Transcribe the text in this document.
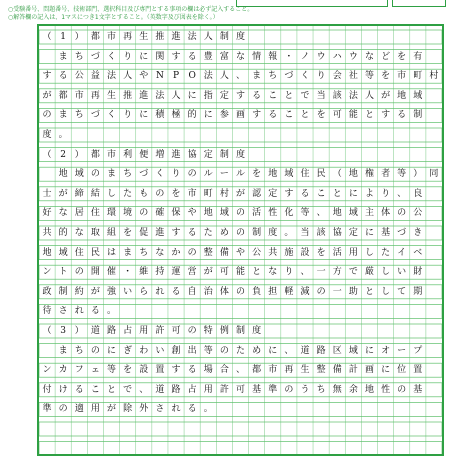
○受験番号、問題番号、技術部門、選択科目及び専門とする事項の欄は必ず記入すること。
○解答欄の記入は、1マスにつき1文字とすること。（英数字及び図表を除く。）
（ 1 ） 都 市 再 生 推 進 法 人 制 度

ま ち づ く り に 関 す る 豊 富 な 情 報 ・ ノ ウ ハ ウ な ど を 有
す る 公 益 法 人 や N	P	O 法 人 、 ま ち づ く り 会 社 等 を 市 町 村
が 都 市 再 生 推 進 法 人 に 指 定 す る こ と で 当 該 法 人 が 地 域
の ま ち づ く り に 積 極 的 に 参 画 す る こ と を 可 能 と す る 制
度 。
（ 2 ） 都 市 利 便 増 進 協 定 制 度

地 域 の ま ち づ く り の ル ー ル を 地 域 住 民 （ 地 権 者 等 ） 同
士 が 締 結 し た も の を 市 町 村 が 認 定 す る こ と に よ り 、 良
好 な 居 住 環 境 の 確 保 や 地 域 の 活 性 化 等 、 地 域 主 体 の 公
共 的 な 取 組 を 促 進 す る た め の 制 度 。 当 該 協 定 に 基 づ き
地 域 住 民 は ま ち な か の 整 備 や 公 共 施 設 を 活 用 し た イ ベ
ン ト の 開 催 ・ 維 持 運 営 が 可 能 と な り 、 一 方 で 厳 し い 財
政 制 約 が 強 い ら れ る 自 治 体 の 負 担 軽 減 の 一 助 と し て 期
待 さ れ る 。
（ 3 ） 道 路 占 用 許 可 の 特 例 制 度

ま ち の に ぎ わ い 創 出 等 の た め に 、 道 路 区 域 に オ ー プ
ン カ フ ェ 等 を 設 置 す る 場 合 、 都 市 再 生 整 備 計 画 に 位 置
付 け る こ と で 、 道 路 占 用 許 可 基 準 の う ち 無 余 地 性 の 基
準 の 適 用 が 除 外 さ れ る 。
